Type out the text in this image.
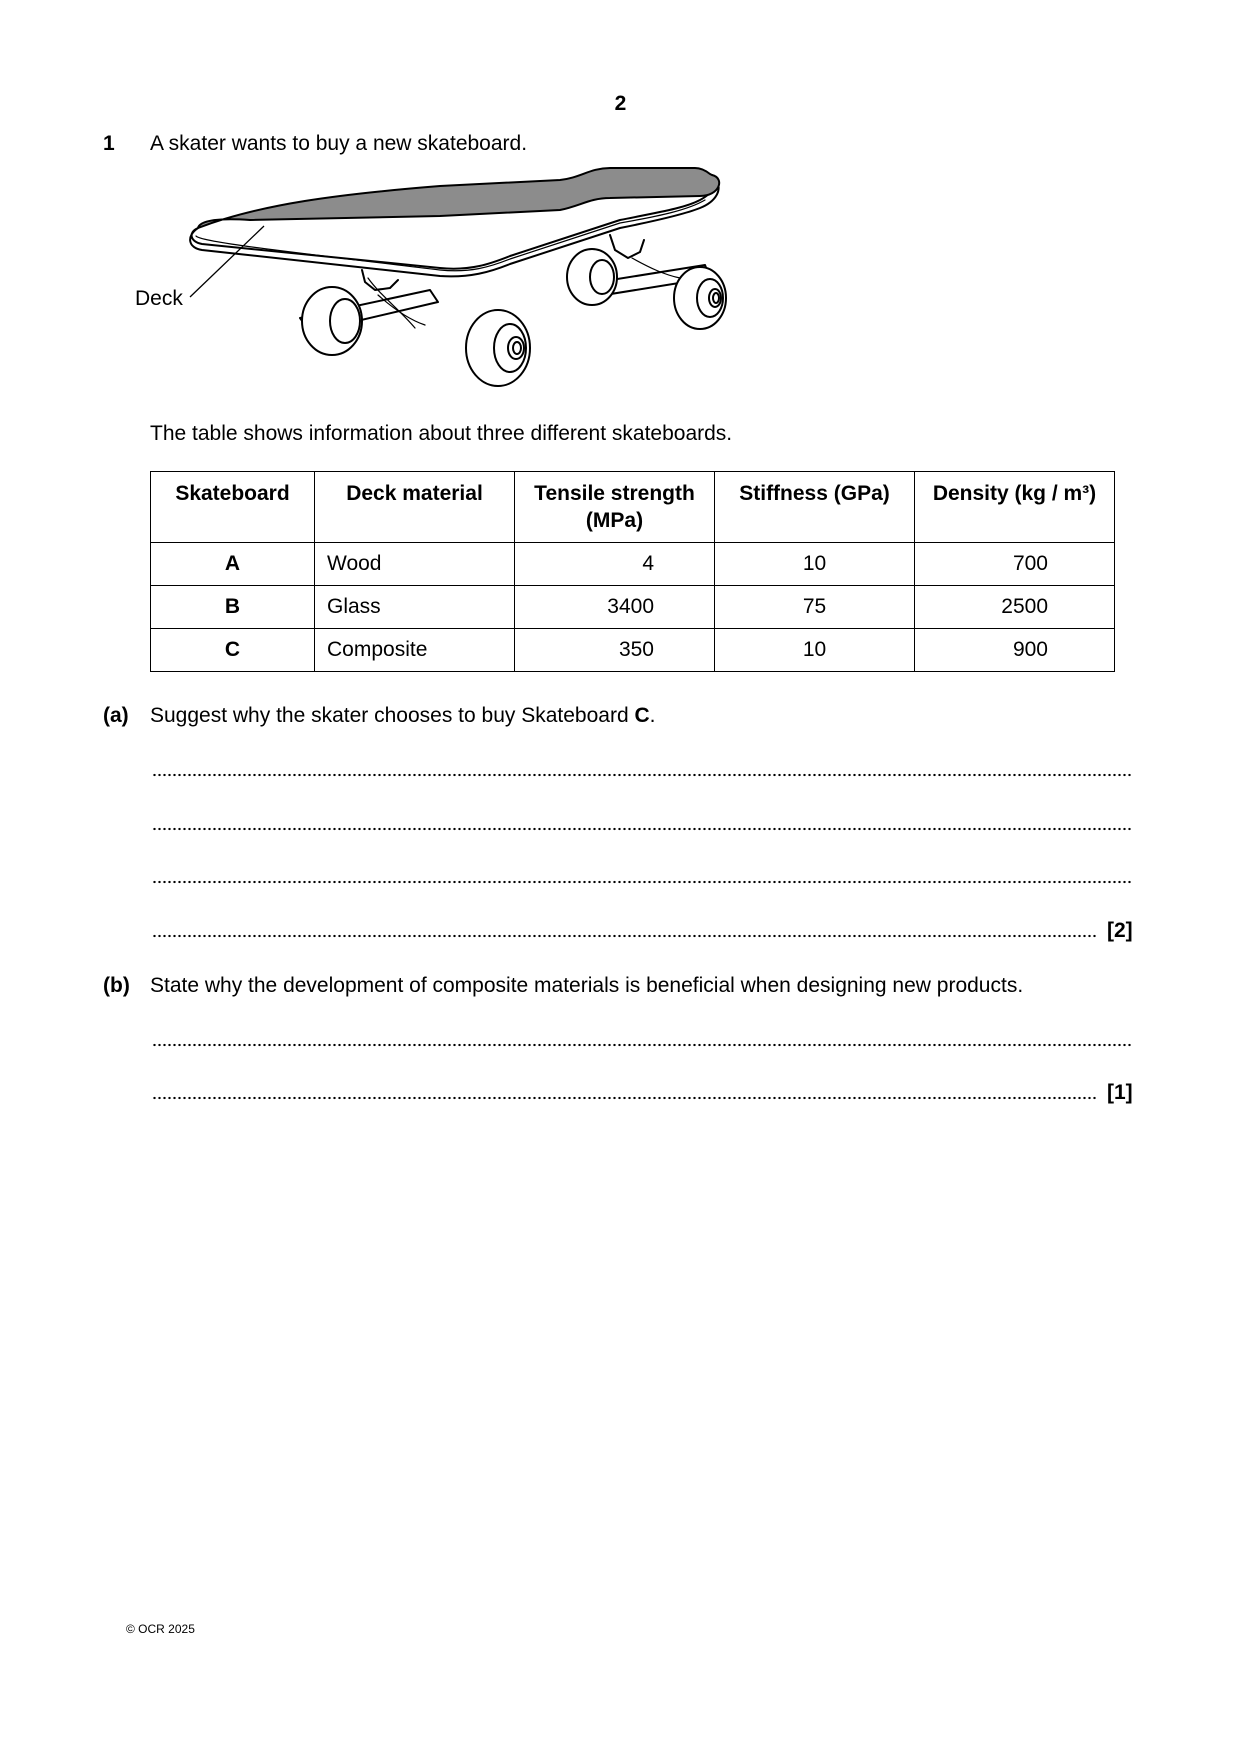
2
1 A skater wants to buy a new skateboard.
Deck
The table shows information about three different skateboards.
Skateboard	Deck material	Tensile strength (MPa)	Stiffness (GPa)	Density (kg / m³)
A	Wood	4	10	700
B	Glass	3400	75	2500
C	Composite	350	10	900
(a) Suggest why the skater chooses to buy Skateboard C.
[2]
(b) State why the development of composite materials is beneficial when designing new products.
[1]
© OCR 2025
